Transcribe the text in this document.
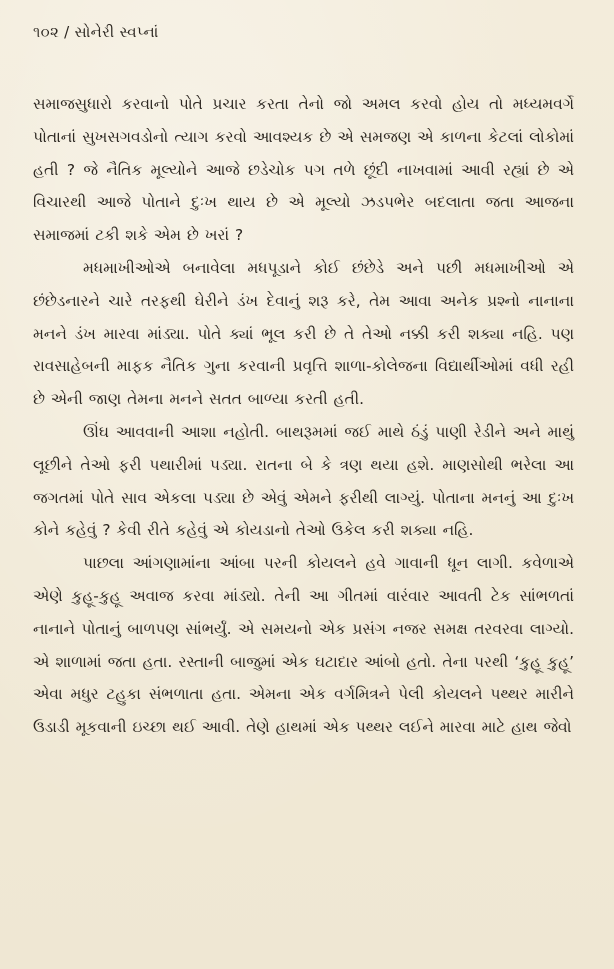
૧૦૨ / સોનેરી સ્વપ્નાં

સમાજસુધારો કરવાનો પોતે પ્રચાર કરતા તેનો જો અમલ કરવો હોય તો મધ્યમવર્ગે પોતાનાં સુખસગવડોનો ત્યાગ કરવો આવશ્યક છે એ સમજણ એ કાળના કેટલાં લોકોમાં હતી ? જે નૈતિક મૂલ્યોને આજે છડેચોક પગ તળે છૂંદી નાખવામાં આવી રહ્યાં છે એ વિચારથી આજે પોતાને દુઃખ થાય છે એ મૂલ્યો ઝડપભેર બદલાતા જતા આજના સમાજમાં ટકી શકે એમ છે ખરાં ?

મધમાખીઓએ બનાવેલા મધપૂડાને કોઈ છંછેડે અને પછી મધમાખીઓ એ છંછેડનારને ચારે તરફથી ઘેરીને ડંખ દેવાનું શરૂ કરે, તેમ આવા અનેક પ્રશ્નો નાનાના મનને ડંખ મારવા માંડ્યા. પોતે ક્યાં ભૂલ કરી છે તે તેઓ નક્કી કરી શક્યા નહિ. પણ રાવસાહેબની માફક નૈતિક ગુના કરવાની પ્રવૃત્તિ શાળા-કોલેજના વિદ્યાર્થીઓમાં વધી રહી છે એની જાણ તેમના મનને સતત બાળ્યા કરતી હતી.

ઊંઘ આવવાની આશા નહોતી. બાથરૂમમાં જઈ માથે ઠંડું પાણી રેડીને અને માથું લૂછીને તેઓ ફરી પથારીમાં પડ્યા. રાતના બે કે ત્રણ થયા હશે. માણસોથી ભરેલા આ જગતમાં પોતે સાવ એકલા પડ્યા છે એવું એમને ફરીથી લાગ્યું. પોતાના મનનું આ દુઃખ કોને કહેવું ? કેવી રીતે કહેવું એ કોયડાનો તેઓ ઉકેલ કરી શક્યા નહિ.

પાછલા આંગણામાંના આંબા પરની કોયલને હવે ગાવાની ધૂન લાગી. કવેળાએ એણે કુહૂ-કુહૂ અવાજ કરવા માંડ્યો. તેની આ ગીતમાં વારંવાર આવતી ટેક સાંભળતાં નાનાને પોતાનું બાળપણ સાંભર્યું. એ સમયનો એક પ્રસંગ નજર સમક્ષ તરવરવા લાગ્યો. એ શાળામાં જતા હતા. રસ્તાની બાજુમાં એક ઘટાદાર આંબો હતો. તેના પરથી ‘કુહૂ કુહૂ’ એવા મધુર ટહુકા સંભળાતા હતા. એમના એક વર્ગમિત્રને પેલી કોયલને પથ્થર મારીને ઉડાડી મૂકવાની ઇચ્છા થઈ આવી. તેણે હાથમાં એક પથ્થર લઈને મારવા માટે હાથ જેવો
